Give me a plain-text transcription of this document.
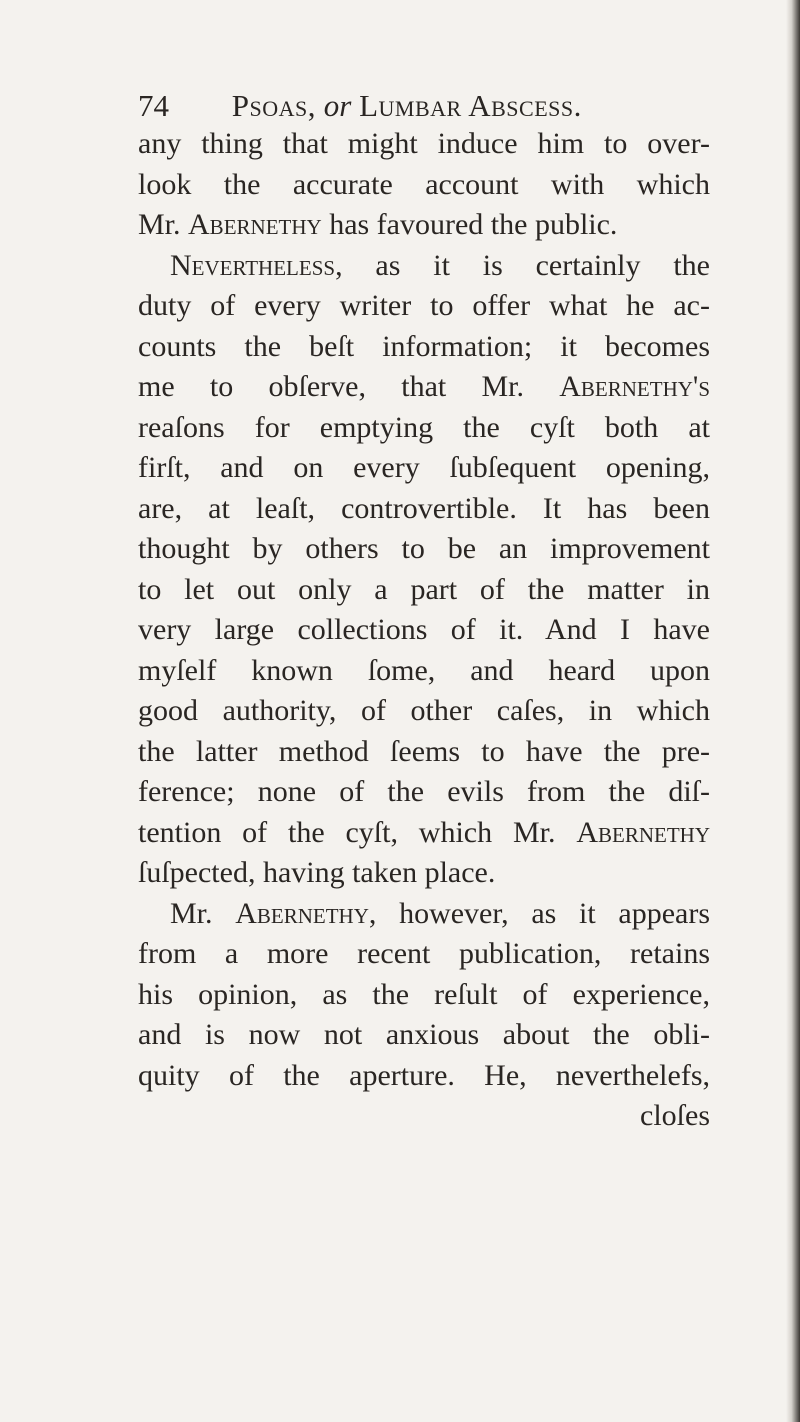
74 Psoas, or Lumbar Abscess.
any thing that might induce him to over-
look the accurate account with which
Mr. Abernethy has favoured the public.
Nevertheless, as it is certainly the
duty of every writer to offer what he ac-
counts the beſt information; it becomes
me to obſerve, that Mr. Abernethy's
reaſons for emptying the cyſt both at
firſt, and on every ſubſequent opening,
are, at leaſt, controvertible. It has been
thought by others to be an improvement
to let out only a part of the matter in
very large collections of it. And I have
myſelf known ſome, and heard upon
good authority, of other caſes, in which
the latter method ſeems to have the pre-
ference; none of the evils from the diſ-
tention of the cyſt, which Mr. Abernethy
ſuſpected, having taken place.
Mr. Abernethy, however, as it appears
from a more recent publication, retains
his opinion, as the reſult of experience,
and is now not anxious about the obli-
quity of the aperture. He, neverthelefs,
cloſes
